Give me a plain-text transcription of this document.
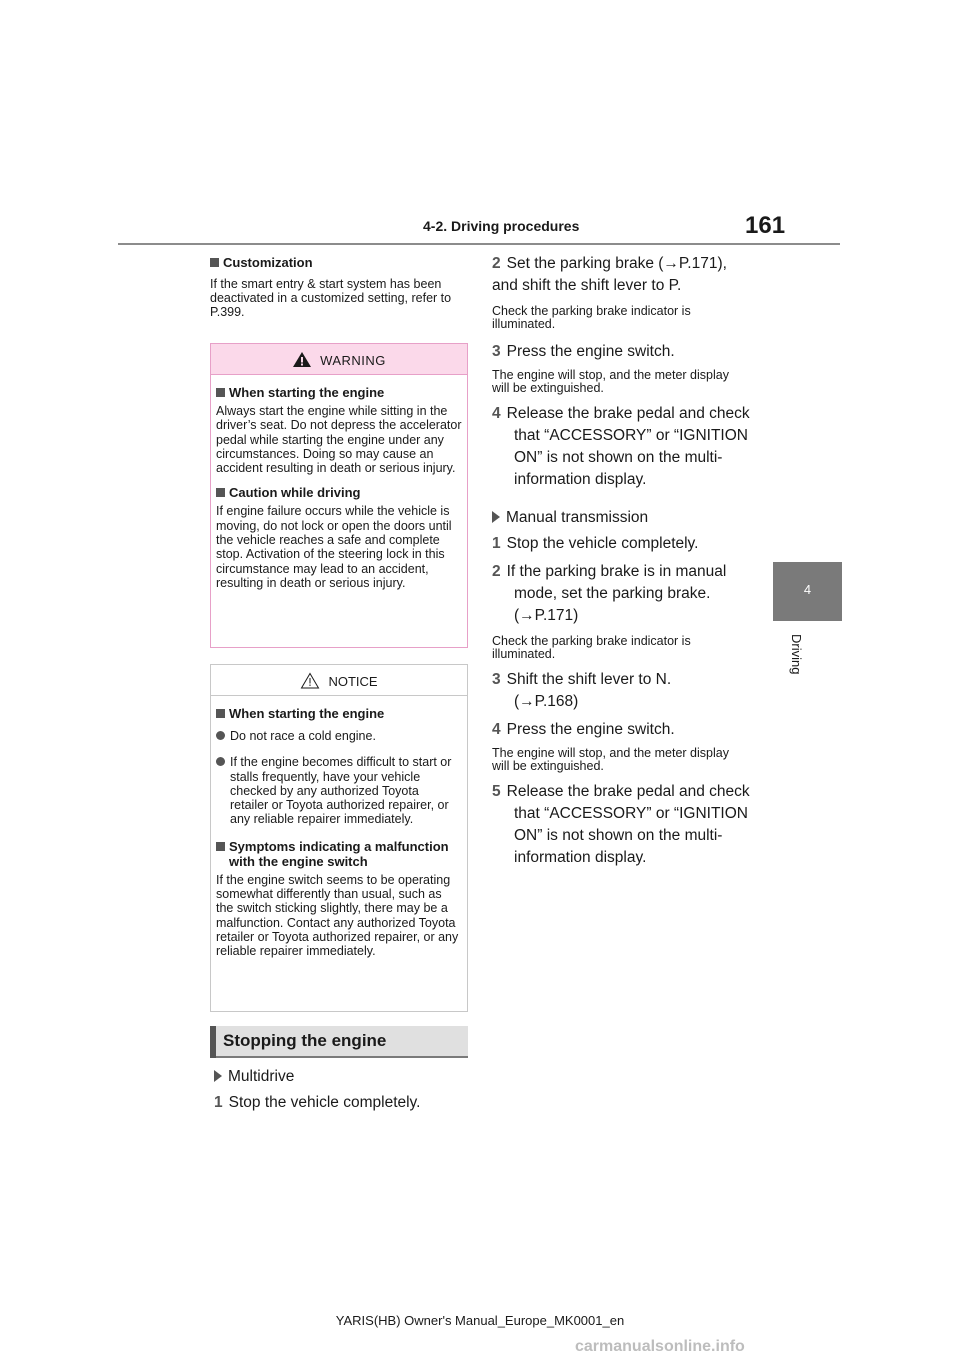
4-2. Driving procedures	161
4
Driving
Customization
If the smart entry & start system has been deactivated in a customized setting, refer to P.399.
WARNING
When starting the engine
Always start the engine while sitting in the driver’s seat. Do not depress the accelerator pedal while starting the engine under any circumstances. Doing so may cause an accident resulting in death or serious injury.
Caution while driving
If engine failure occurs while the vehicle is moving, do not lock or open the doors until the vehicle reaches a safe and complete stop. Activation of the steering lock in this circumstance may lead to an accident, resulting in death or serious injury.
NOTICE
When starting the engine
Do not race a cold engine.
If the engine becomes difficult to start or stalls frequently, have your vehicle checked by any authorized Toyota retailer or Toyota authorized repairer, or any reliable repairer immediately.
Symptoms indicating a malfunction with the engine switch
If the engine switch seems to be operating somewhat differently than usual, such as the switch sticking slightly, there may be a malfunction. Contact any authorized Toyota retailer or Toyota authorized repairer, or any reliable repairer immediately.
Stopping the engine
Multidrive
1 Stop the vehicle completely.
2 Set the parking brake (→P.171), and shift the shift lever to P.
Check the parking brake indicator is illuminated.
3 Press the engine switch.
The engine will stop, and the meter display will be extinguished.
4 Release the brake pedal and check that “ACCESSORY” or “IGNITION ON” is not shown on the multi-information display.
Manual transmission
1 Stop the vehicle completely.
2 If the parking brake is in manual mode, set the parking brake. (→P.171)
Check the parking brake indicator is illuminated.
3 Shift the shift lever to N. (→P.168)
4 Press the engine switch.
The engine will stop, and the meter display will be extinguished.
5 Release the brake pedal and check that “ACCESSORY” or “IGNITION ON” is not shown on the multi-information display.
YARIS(HB) Owner's Manual_Europe_MK0001_en
carmanualsonline.info
